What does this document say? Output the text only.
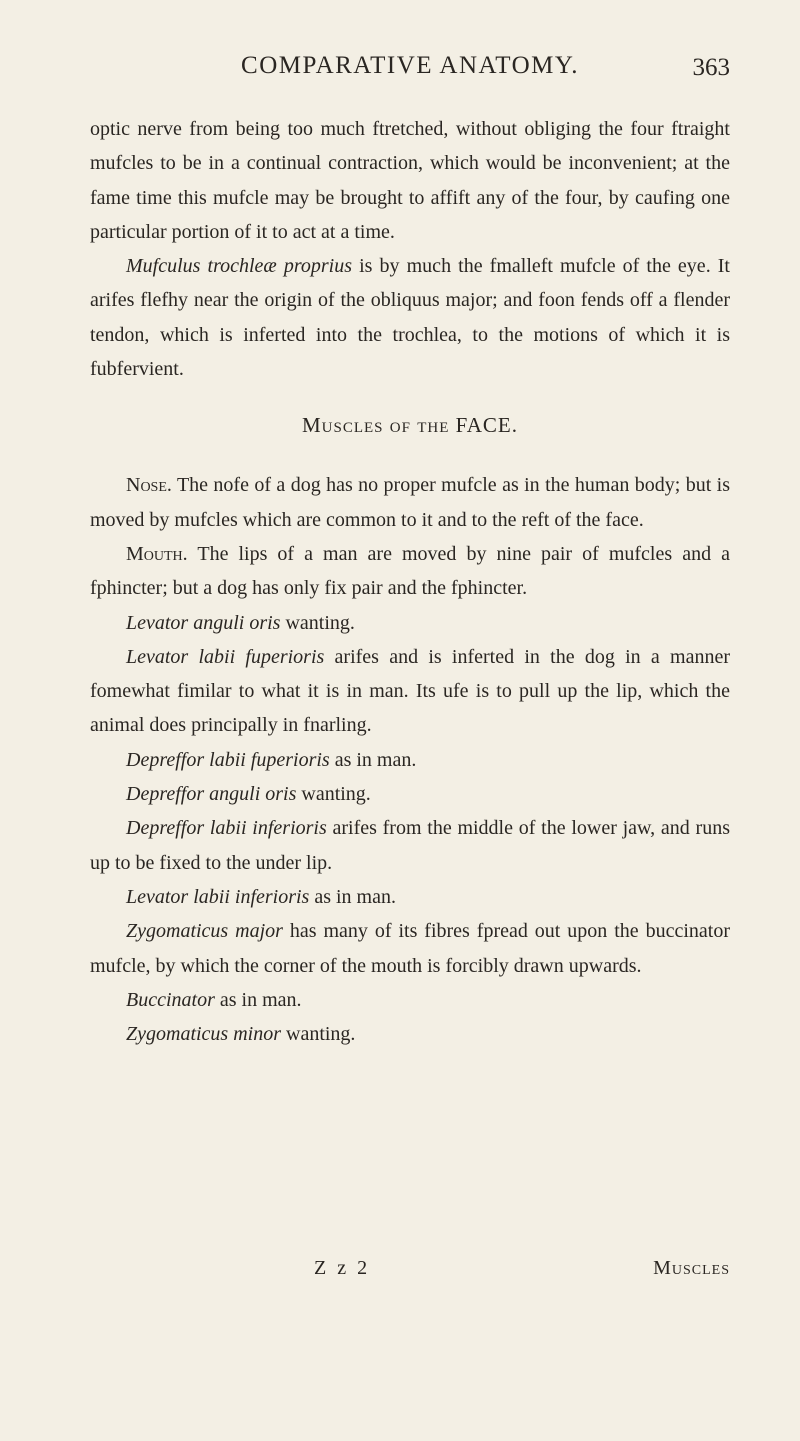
COMPARATIVE ANATOMY.	363

optic nerve from being too much ftretched, without obliging the four ftraight mufcles to be in a continual contraction, which would be inconvenient; at the fame time this mufcle may be brought to affift any of the four, by caufing one particular portion of it to act at a time.

Mufculus trochleæ proprius is by much the fmalleft mufcle of the eye. It arifes flefhy near the origin of the obliquus major; and foon fends off a flender tendon, which is inferted into the trochlea, to the motions of which it is fubfervient.

Muscles of the FACE.

Nose. The nofe of a dog has no proper mufcle as in the human body; but is moved by mufcles which are common to it and to the reft of the face.

Mouth. The lips of a man are moved by nine pair of mufcles and a fphincter; but a dog has only fix pair and the fphincter.

Levator anguli oris wanting.

Levator labii fuperioris arifes and is inferted in the dog in a manner fomewhat fimilar to what it is in man. Its ufe is to pull up the lip, which the animal does principally in fnarling.

Depreffor labii fuperioris as in man.

Depreffor anguli oris wanting.

Depreffor labii inferioris arifes from the middle of the lower jaw, and runs up to be fixed to the under lip.

Levator labii inferioris as in man.

Zygomaticus major has many of its fibres fpread out upon the buccinator mufcle, by which the corner of the mouth is forcibly drawn upwards.

Buccinator as in man.

Zygomaticus minor wanting.

Z z 2	Muscles
